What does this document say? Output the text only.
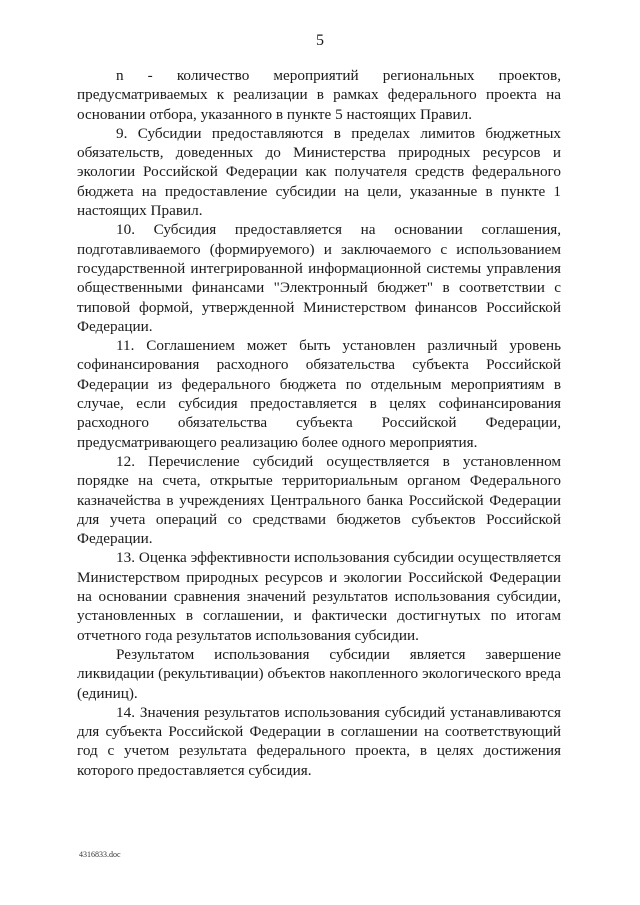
5

n - количество мероприятий региональных проектов, предусматриваемых к реализации в рамках федерального проекта на основании отбора, указанного в пункте 5 настоящих Правил.

9. Субсидии предоставляются в пределах лимитов бюджетных обязательств, доведенных до Министерства природных ресурсов и экологии Российской Федерации как получателя средств федерального бюджета на предоставление субсидии на цели, указанные в пункте 1 настоящих Правил.

10. Субсидия предоставляется на основании соглашения, подготавливаемого (формируемого) и заключаемого с использованием государственной интегрированной информационной системы управления общественными финансами "Электронный бюджет" в соответствии с типовой формой, утвержденной Министерством финансов Российской Федерации.

11. Соглашением может быть установлен различный уровень софинансирования расходного обязательства субъекта Российской Федерации из федерального бюджета по отдельным мероприятиям в случае, если субсидия предоставляется в целях софинансирования расходного обязательства субъекта Российской Федерации, предусматривающего реализацию более одного мероприятия.

12. Перечисление субсидий осуществляется в установленном порядке на счета, открытые территориальным органом Федерального казначейства в учреждениях Центрального банка Российской Федерации для учета операций со средствами бюджетов субъектов Российской Федерации.

13. Оценка эффективности использования субсидии осуществляется Министерством природных ресурсов и экологии Российской Федерации на основании сравнения значений результатов использования субсидии, установленных в соглашении, и фактически достигнутых по итогам отчетного года результатов использования субсидии.

Результатом использования субсидии является завершение ликвидации (рекультивации) объектов накопленного экологического вреда (единиц).

14. Значения результатов использования субсидий устанавливаются для субъекта Российской Федерации в соглашении на соответствующий год с учетом результата федерального проекта, в целях достижения которого предоставляется субсидия.

4316833.doc
